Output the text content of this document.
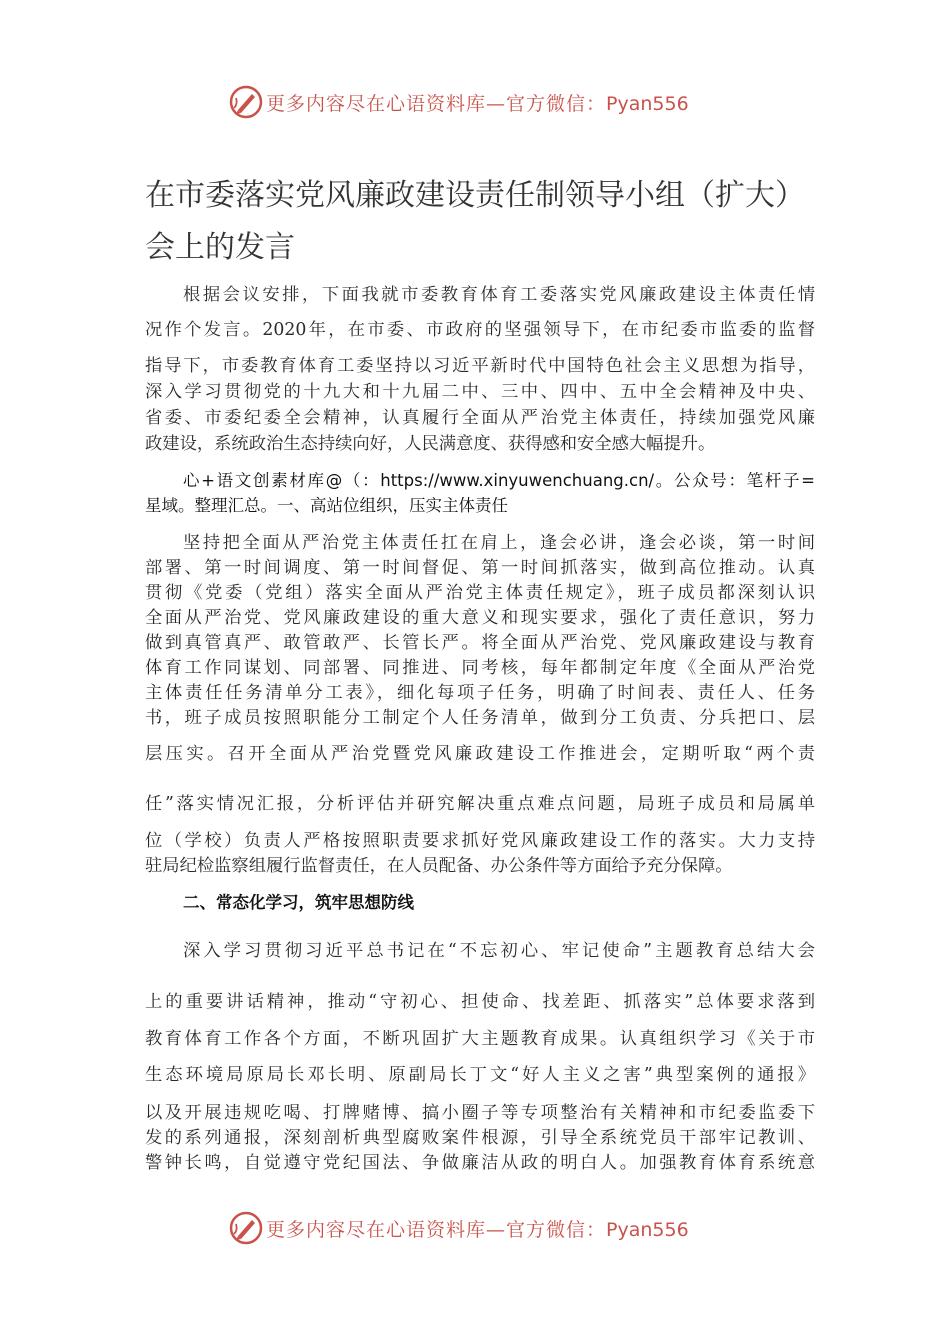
更多内容尽在心语资料库—官方微信：Pyan556
在市委落实党风廉政建设责任制领导小组（扩大）会上的发言

根据会议安排，下面我就市委教育体育工委落实党风廉政建设主体责任情

况作个发言。2020年，在市委、市政府的坚强领导下，在市纪委市监委的监督

指导下，市委教育体育工委坚持以习近平新时代中国特色社会主义思想为指导，

深入学习贯彻党的十九大和十九届二中、三中、四中、五中全会精神及中央、

省委、市委纪委全会精神，认真履行全面从严治党主体责任，持续加强党风廉

政建设，系统政治生态持续向好，人民满意度、获得感和安全感大幅提升。

心+语文创素材库@（：https://www.xinyuwenchuang.cn/。公众号：笔杆子=

星域。整理汇总。一、高站位组织，压实主体责任

坚持把全面从严治党主体责任扛在肩上，逢会必讲，逢会必谈，第一时间

部署、第一时间调度、第一时间督促、第一时间抓落实，做到高位推动。认真

贯彻《党委（党组）落实全面从严治党主体责任规定》，班子成员都深刻认识

全面从严治党、党风廉政建设的重大意义和现实要求，强化了责任意识，努力

做到真管真严、敢管敢严、长管长严。将全面从严治党、党风廉政建设与教育

体育工作同谋划、同部署、同推进、同考核，每年都制定年度《全面从严治党

主体责任任务清单分工表》，细化每项子任务，明确了时间表、责任人、任务

书，班子成员按照职能分工制定个人任务清单，做到分工负责、分兵把口、层

层压实。召开全面从严治党暨党风廉政建设工作推进会，定期听取“两个责

任”落实情况汇报，分析评估并研究解决重点难点问题，局班子成员和局属单

位（学校）负责人严格按照职责要求抓好党风廉政建设工作的落实。大力支持

驻局纪检监察组履行监督责任，在人员配备、办公条件等方面给予充分保障。

二、常态化学习，筑牢思想防线

深入学习贯彻习近平总书记在“不忘初心、牢记使命”主题教育总结大会

上的重要讲话精神，推动“守初心、担使命、找差距、抓落实”总体要求落到

教育体育工作各个方面，不断巩固扩大主题教育成果。认真组织学习《关于市

生态环境局原局长邓长明、原副局长丁文“好人主义之害”典型案例的通报》

以及开展违规吃喝、打牌赌博、搞小圈子等专项整治有关精神和市纪委监委下

发的系列通报，深刻剖析典型腐败案件根源，引导全系统党员干部牢记教训、

警钟长鸣，自觉遵守党纪国法、争做廉洁从政的明白人。加强教育体育系统意

更多内容尽在心语资料库—官方微信：Pyan556
